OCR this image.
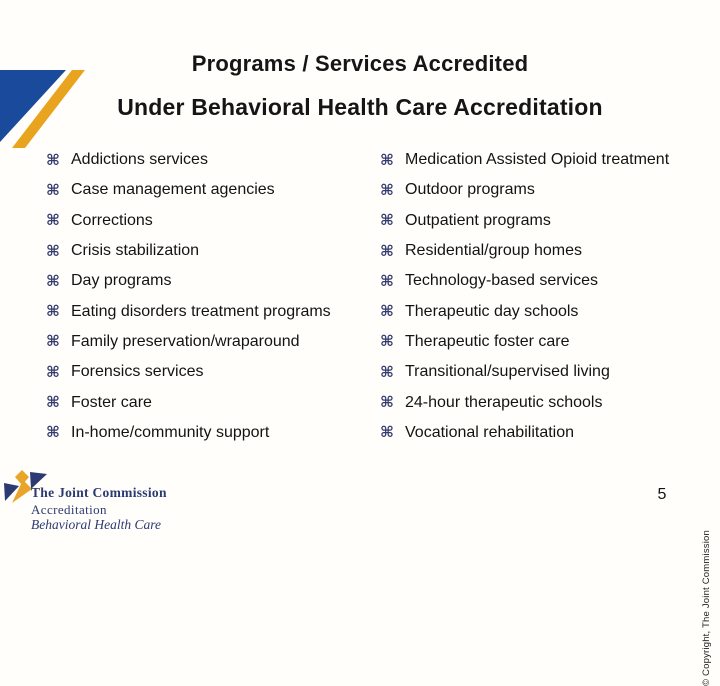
Programs / Services Accredited
Under Behavioral Health Care Accreditation
⌘ Addictions services
⌘ Case management agencies
⌘ Corrections
⌘ Crisis stabilization
⌘ Day programs
⌘ Eating disorders treatment programs
⌘ Family preservation/wraparound
⌘ Forensics services
⌘ Foster care
⌘ In-home/community support
⌘ Medication Assisted Opioid treatment
⌘ Outdoor programs
⌘ Outpatient programs
⌘ Residential/group homes
⌘ Technology-based services
⌘ Therapeutic day schools
⌘ Therapeutic foster care
⌘ Transitional/supervised living
⌘ 24-hour therapeutic schools
⌘ Vocational rehabilitation

The Joint Commission

Accreditation

Behavioral Health Care

5
© Copyright, The Joint Commission
